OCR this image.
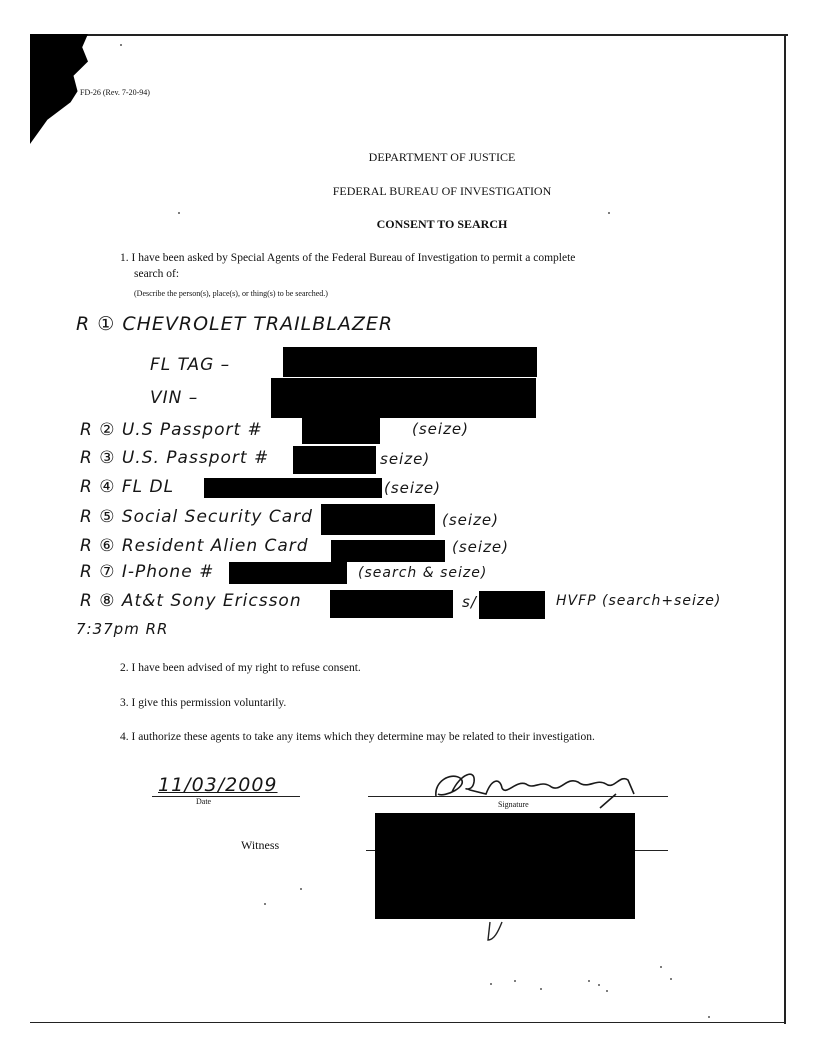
FD-26 (Rev. 7-20-94)
DEPARTMENT OF JUSTICE
FEDERAL BUREAU OF INVESTIGATION
CONSENT TO SEARCH
1. I have been asked by Special Agents of the Federal Bureau of Investigation to permit a complete
search of:
(Describe the person(s), place(s), or thing(s) to be searched.)
R ① CHEVROLET TRAILBLAZER
FL TAG –
VIN –
R ② U.S Passport #	(seize)
R ③ U.S. Passport #	seize)
R ④ FL DL	(seize)
R ⑤ Social Security Card	(seize)
R ⑥ Resident Alien Card	(seize)
R ⑦ I-Phone #	(search & seize)
R ⑧ At&t Sony Ericsson	s/	HVFP (search+seize)
7:37pm RR
2. I have been advised of my right to refuse consent.
3. I give this permission voluntarily.
4. I authorize these agents to take any items which they determine may be related to their investigation.
11/03/2009
Date	Signature
Witness
